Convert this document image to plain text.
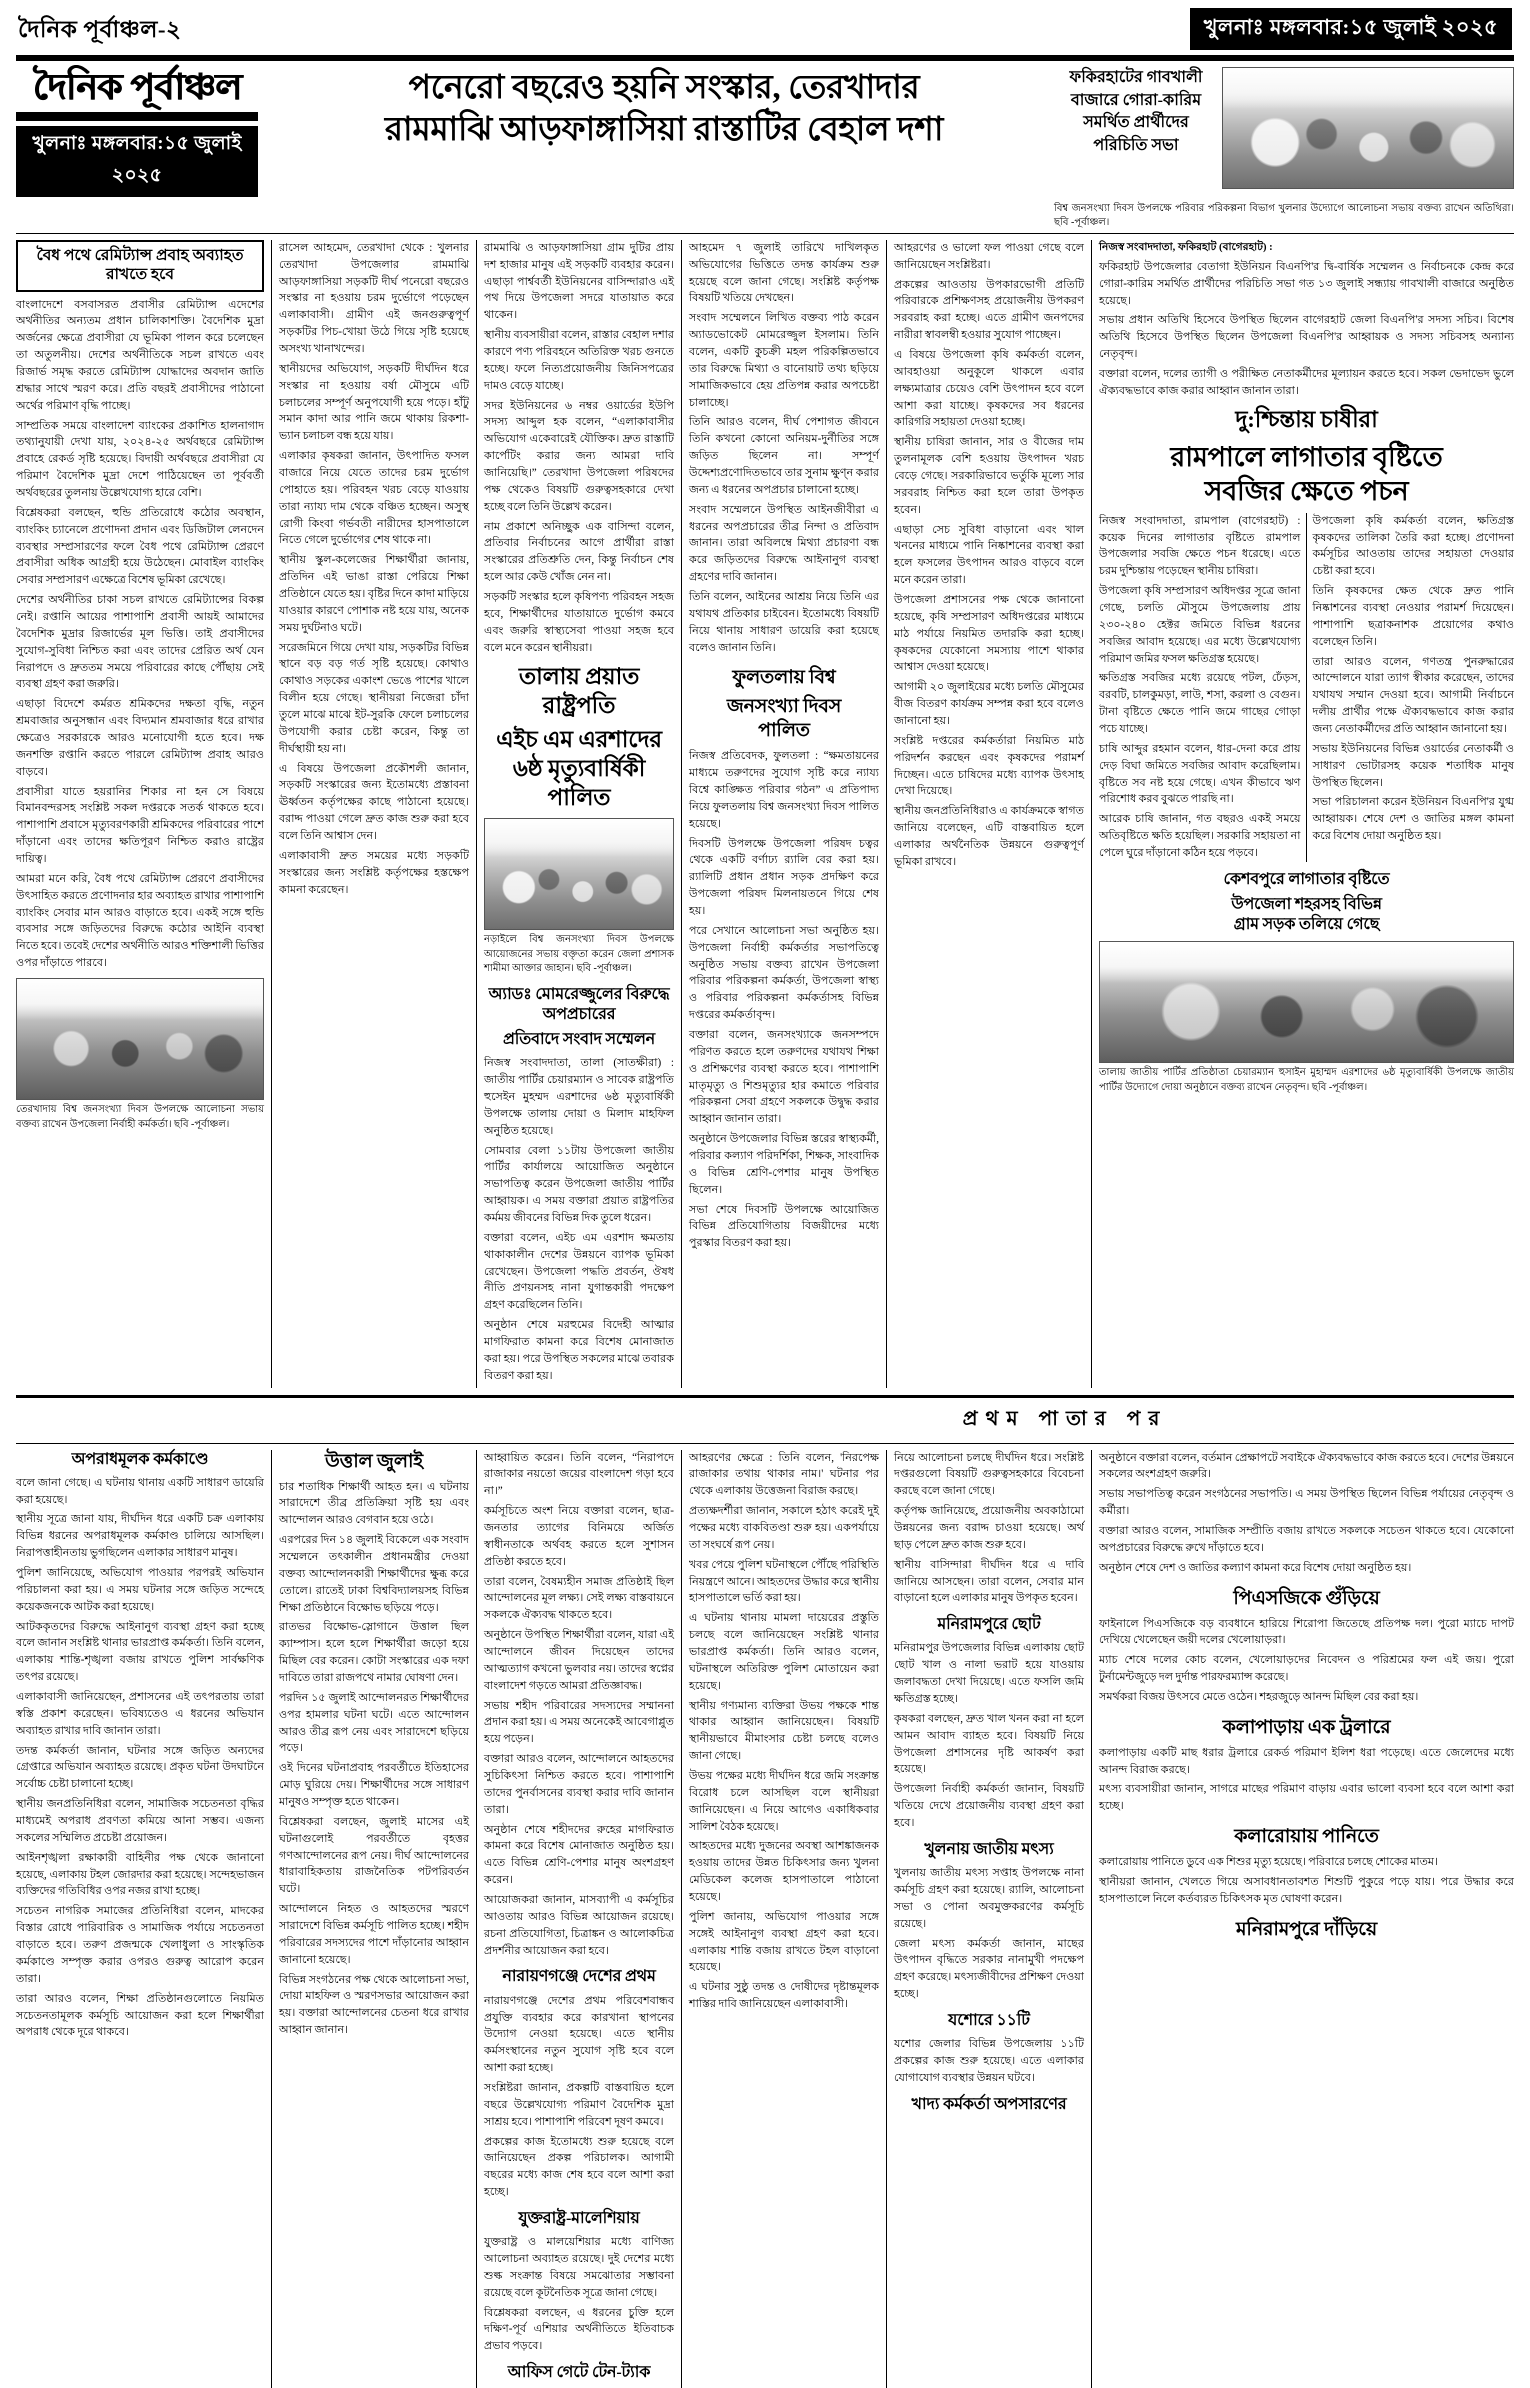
দৈনিক পূর্বাঞ্চল-২	খুলনাঃ মঙ্গলবার:১৫ জুলাই ২০২৫
দৈনিক পূর্বাঞ্চল
খুলনাঃ মঙ্গলবার:১৫ জুলাই ২০২৫
পনেরো বছরেও হয়নি সংস্কার, তেরখাদার
রামমাঝি আড়ফাঙ্গাসিয়া রাস্তাটির বেহাল দশা
ফকিরহাটের গাবখালী বাজারে গোরা-কারিম সমর্থিত প্রার্থীদের পরিচিতি সভা
বিশ্ব জনসংখ্যা দিবস উপলক্ষে পরিবার পরিকল্পনা বিভাগ খুলনার উদ্যোগে আলোচনা সভায় বক্তব্য রাখেন অতিথিরা। ছবি -পূর্বাঞ্চল।
বৈধ পথে রেমিট্যান্স প্রবাহ অব্যাহত রাখতে হবে

বাংলাদেশে বসবাসরত প্রবাসীর রেমিট্যান্স এদেশের অর্থনীতির অন্যতম প্রধান চালিকাশক্তি। বৈদেশিক মুদ্রা অর্জনের ক্ষেত্রে প্রবাসীরা যে ভূমিকা পালন করে চলেছেন তা অতুলনীয়। দেশের অর্থনীতিকে সচল রাখতে এবং রিজার্ভ সমৃদ্ধ করতে রেমিট্যান্স যোদ্ধাদের অবদান জাতি শ্রদ্ধার সাথে স্মরণ করে। প্রতি বছরই প্রবাসীদের পাঠানো অর্থের পরিমাণ বৃদ্ধি পাচ্ছে।

সাম্প্রতিক সময়ে বাংলাদেশ ব্যাংকের প্রকাশিত হালনাগাদ তথ্যানুযায়ী দেখা যায়, ২০২৪-২৫ অর্থবছরে রেমিট্যান্স প্রবাহে রেকর্ড সৃষ্টি হয়েছে। বিদায়ী অর্থবছরে প্রবাসীরা যে পরিমাণ বৈদেশিক মুদ্রা দেশে পাঠিয়েছেন তা পূর্ববর্তী অর্থবছরের তুলনায় উল্লেখযোগ্য হারে বেশি।

বিশ্লেষকরা বলছেন, হুন্ডি প্রতিরোধে কঠোর অবস্থান, ব্যাংকিং চ্যানেলে প্রণোদনা প্রদান এবং ডিজিটাল লেনদেন ব্যবস্থার সম্প্রসারণের ফলে বৈধ পথে রেমিট্যান্স প্রেরণে প্রবাসীরা অধিক আগ্রহী হয়ে উঠেছেন। মোবাইল ব্যাংকিং সেবার সম্প্রসারণ এক্ষেত্রে বিশেষ ভূমিকা রেখেছে।

দেশের অর্থনীতির চাকা সচল রাখতে রেমিট্যান্সের বিকল্প নেই। রপ্তানি আয়ের পাশাপাশি প্রবাসী আয়ই আমাদের বৈদেশিক মুদ্রার রিজার্ভের মূল ভিত্তি। তাই প্রবাসীদের সুযোগ-সুবিধা নিশ্চিত করা এবং তাদের প্রেরিত অর্থ যেন নিরাপদে ও দ্রুততম সময়ে পরিবারের কাছে পৌঁছায় সেই ব্যবস্থা গ্রহণ করা জরুরি।

এছাড়া বিদেশে কর্মরত শ্রমিকদের দক্ষতা বৃদ্ধি, নতুন শ্রমবাজার অনুসন্ধান এবং বিদ্যমান শ্রমবাজার ধরে রাখার ক্ষেত্রেও সরকারকে আরও মনোযোগী হতে হবে। দক্ষ জনশক্তি রপ্তানি করতে পারলে রেমিট্যান্স প্রবাহ আরও বাড়বে।

প্রবাসীরা যাতে হয়রানির শিকার না হন সে বিষয়ে বিমানবন্দরসহ সংশ্লিষ্ট সকল দপ্তরকে সতর্ক থাকতে হবে। পাশাপাশি প্রবাসে মৃত্যুবরণকারী শ্রমিকদের পরিবারের পাশে দাঁড়ানো এবং তাদের ক্ষতিপূরণ নিশ্চিত করাও রাষ্ট্রের দায়িত্ব।

আমরা মনে করি, বৈধ পথে রেমিট্যান্স প্রেরণে প্রবাসীদের উৎসাহিত করতে প্রণোদনার হার অব্যাহত রাখার পাশাপাশি ব্যাংকিং সেবার মান আরও বাড়াতে হবে। একই সঙ্গে হুন্ডি ব্যবসার সঙ্গে জড়িতদের বিরুদ্ধে কঠোর আইনি ব্যবস্থা নিতে হবে। তবেই দেশের অর্থনীতি আরও শক্তিশালী ভিত্তির ওপর দাঁড়াতে পারবে।

তেরখাদায় বিশ্ব জনসংখ্যা দিবস উপলক্ষে আলোচনা সভায় বক্তব্য রাখেন উপজেলা নির্বাহী কর্মকর্তা। ছবি -পূর্বাঞ্চল।

রাসেল আহমেদ, তেরখাদা থেকে : খুলনার তেরখাদা উপজেলার রামমাঝি আড়ফাঙ্গাসিয়া সড়কটি দীর্ঘ পনেরো বছরেও সংস্কার না হওয়ায় চরম দুর্ভোগে পড়েছেন এলাকাবাসী। গ্রামীণ এই জনগুরুত্বপূর্ণ সড়কটির পিচ-খোয়া উঠে গিয়ে সৃষ্টি হয়েছে অসংখ্য খানাখন্দের।

স্থানীয়দের অভিযোগ, সড়কটি দীর্ঘদিন ধরে সংস্কার না হওয়ায় বর্ষা মৌসুমে এটি চলাচলের সম্পূর্ণ অনুপযোগী হয়ে পড়ে। হাঁটু সমান কাদা আর পানি জমে থাকায় রিকশা-ভ্যান চলাচল বন্ধ হয়ে যায়।

এলাকার কৃষকরা জানান, উৎপাদিত ফসল বাজারে নিয়ে যেতে তাদের চরম দুর্ভোগ পোহাতে হয়। পরিবহন খরচ বেড়ে যাওয়ায় তারা ন্যায্য দাম থেকে বঞ্চিত হচ্ছেন। অসুস্থ রোগী কিংবা গর্ভবতী নারীদের হাসপাতালে নিতে গেলে দুর্ভোগের শেষ থাকে না।

স্থানীয় স্কুল-কলেজের শিক্ষার্থীরা জানায়, প্রতিদিন এই ভাঙা রাস্তা পেরিয়ে শিক্ষা প্রতিষ্ঠানে যেতে হয়। বৃষ্টির দিনে কাদা মাড়িয়ে যাওয়ার কারণে পোশাক নষ্ট হয়ে যায়, অনেক সময় দুর্ঘটনাও ঘটে।

সরেজমিনে গিয়ে দেখা যায়, সড়কটির বিভিন্ন স্থানে বড় বড় গর্ত সৃষ্টি হয়েছে। কোথাও কোথাও সড়কের একাংশ ভেঙে পাশের খালে বিলীন হয়ে গেছে। স্থানীয়রা নিজেরা চাঁদা তুলে মাঝে মাঝে ইট-সুরকি ফেলে চলাচলের উপযোগী করার চেষ্টা করেন, কিন্তু তা দীর্ঘস্থায়ী হয় না।

এ বিষয়ে উপজেলা প্রকৌশলী জানান, সড়কটি সংস্কারের জন্য ইতোমধ্যে প্রস্তাবনা ঊর্ধ্বতন কর্তৃপক্ষের কাছে পাঠানো হয়েছে। বরাদ্দ পাওয়া গেলে দ্রুত কাজ শুরু করা হবে বলে তিনি আশ্বাস দেন।

এলাকাবাসী দ্রুত সময়ের মধ্যে সড়কটি সংস্কারের জন্য সংশ্লিষ্ট কর্তৃপক্ষের হস্তক্ষেপ কামনা করেছেন।

রামমাঝি ও আড়ফাঙ্গাসিয়া গ্রাম দুটির প্রায় দশ হাজার মানুষ এই সড়কটি ব্যবহার করেন। এছাড়া পার্শ্ববর্তী ইউনিয়নের বাসিন্দারাও এই পথ দিয়ে উপজেলা সদরে যাতায়াত করে থাকেন।

স্থানীয় ব্যবসায়ীরা বলেন, রাস্তার বেহাল দশার কারণে পণ্য পরিবহনে অতিরিক্ত খরচ গুনতে হচ্ছে। ফলে নিত্যপ্রয়োজনীয় জিনিসপত্রের দামও বেড়ে যাচ্ছে।

সদর ইউনিয়নের ৬ নম্বর ওয়ার্ডের ইউপি সদস্য আব্দুল হক বলেন, “এলাকাবাসীর অভিযোগ একেবারেই যৌক্তিক। দ্রুত রাস্তাটি কার্পেটিং করার জন্য আমরা দাবি জানিয়েছি।” তেরখাদা উপজেলা পরিষদের পক্ষ থেকেও বিষয়টি গুরুত্বসহকারে দেখা হচ্ছে বলে তিনি উল্লেখ করেন।

নাম প্রকাশে অনিচ্ছুক এক বাসিন্দা বলেন, প্রতিবার নির্বাচনের আগে প্রার্থীরা রাস্তা সংস্কারের প্রতিশ্রুতি দেন, কিন্তু নির্বাচন শেষ হলে আর কেউ খোঁজ নেন না।

সড়কটি সংস্কার হলে কৃষিপণ্য পরিবহন সহজ হবে, শিক্ষার্থীদের যাতায়াতে দুর্ভোগ কমবে এবং জরুরি স্বাস্থ্যসেবা পাওয়া সহজ হবে বলে মনে করেন স্থানীয়রা।

তালায় প্রয়াত রাষ্ট্রপতি
এইচ এম এরশাদের
৬ষ্ঠ মৃত্যুবার্ষিকী পালিত
নড়াইলে বিশ্ব জনসংখ্যা দিবস উপলক্ষে আয়োজনের সভায় বক্তৃতা করেন জেলা প্রশাসক শামীমা আক্তার জাহান। ছবি -পূর্বাঞ্চল।
অ্যাডঃ মোমরেজ্জুলের বিরুদ্ধে অপপ্রচারের
প্রতিবাদে সংবাদ সম্মেলন

নিজস্ব সংবাদদাতা, তালা (সাতক্ষীরা) : জাতীয় পার্টির চেয়ারম্যান ও সাবেক রাষ্ট্রপতি হুসেইন মুহম্মদ এরশাদের ৬ষ্ঠ মৃত্যুবার্ষিকী উপলক্ষে তালায় দোয়া ও মিলাদ মাহফিল অনুষ্ঠিত হয়েছে।

সোমবার বেলা ১১টায় উপজেলা জাতীয় পার্টির কার্যালয়ে আয়োজিত অনুষ্ঠানে সভাপতিত্ব করেন উপজেলা জাতীয় পার্টির আহ্বায়ক। এ সময় বক্তারা প্রয়াত রাষ্ট্রপতির কর্মময় জীবনের বিভিন্ন দিক তুলে ধরেন।

বক্তারা বলেন, এইচ এম এরশাদ ক্ষমতায় থাকাকালীন দেশের উন্নয়নে ব্যাপক ভূমিকা রেখেছেন। উপজেলা পদ্ধতি প্রবর্তন, ঔষধ নীতি প্রণয়নসহ নানা যুগান্তকারী পদক্ষেপ গ্রহণ করেছিলেন তিনি।

অনুষ্ঠান শেষে মরহুমের বিদেহী আত্মার মাগফিরাত কামনা করে বিশেষ মোনাজাত করা হয়। পরে উপস্থিত সকলের মাঝে তবারক বিতরণ করা হয়।

আহমেদ ৭ জুলাই তারিখে দাখিলকৃত অভিযোগের ভিত্তিতে তদন্ত কার্যক্রম শুরু হয়েছে বলে জানা গেছে। সংশ্লিষ্ট কর্তৃপক্ষ বিষয়টি খতিয়ে দেখছেন।

সংবাদ সম্মেলনে লিখিত বক্তব্য পাঠ করেন অ্যাডভোকেট মোমরেজ্জুল ইসলাম। তিনি বলেন, একটি কুচক্রী মহল পরিকল্পিতভাবে তার বিরুদ্ধে মিথ্যা ও বানোয়াট তথ্য ছড়িয়ে সামাজিকভাবে হেয় প্রতিপন্ন করার অপচেষ্টা চালাচ্ছে।

তিনি আরও বলেন, দীর্ঘ পেশাগত জীবনে তিনি কখনো কোনো অনিয়ম-দুর্নীতির সঙ্গে জড়িত ছিলেন না। সম্পূর্ণ উদ্দেশ্যপ্রণোদিতভাবে তার সুনাম ক্ষুণ্ন করার জন্য এ ধরনের অপপ্রচার চালানো হচ্ছে।

সংবাদ সম্মেলনে উপস্থিত আইনজীবীরা এ ধরনের অপপ্রচারের তীব্র নিন্দা ও প্রতিবাদ জানান। তারা অবিলম্বে মিথ্যা প্রচারণা বন্ধ করে জড়িতদের বিরুদ্ধে আইনানুগ ব্যবস্থা গ্রহণের দাবি জানান।

তিনি বলেন, আইনের আশ্রয় নিয়ে তিনি এর যথাযথ প্রতিকার চাইবেন। ইতোমধ্যে বিষয়টি নিয়ে থানায় সাধারণ ডায়েরি করা হয়েছে বলেও জানান তিনি।

ফুলতলায় বিশ্ব
জনসংখ্যা দিবস
পালিত

নিজস্ব প্রতিবেদক, ফুলতলা : “ক্ষমতায়নের মাধ্যমে তরুণদের সুযোগ সৃষ্টি করে ন্যায্য বিশ্বে কাঙ্ক্ষিত পরিবার গঠন” এ প্রতিপাদ্য নিয়ে ফুলতলায় বিশ্ব জনসংখ্যা দিবস পালিত হয়েছে।

দিবসটি উপলক্ষে উপজেলা পরিষদ চত্বর থেকে একটি বর্ণাঢ্য র‌্যালি বের করা হয়। র‌্যালিটি প্রধান প্রধান সড়ক প্রদক্ষিণ করে উপজেলা পরিষদ মিলনায়তনে গিয়ে শেষ হয়।

পরে সেখানে আলোচনা সভা অনুষ্ঠিত হয়। উপজেলা নির্বাহী কর্মকর্তার সভাপতিত্বে অনুষ্ঠিত সভায় বক্তব্য রাখেন উপজেলা পরিবার পরিকল্পনা কর্মকর্তা, উপজেলা স্বাস্থ্য ও পরিবার পরিকল্পনা কর্মকর্তাসহ বিভিন্ন দপ্তরের কর্মকর্তাবৃন্দ।

বক্তারা বলেন, জনসংখ্যাকে জনসম্পদে পরিণত করতে হলে তরুণদের যথাযথ শিক্ষা ও প্রশিক্ষণের ব্যবস্থা করতে হবে। পাশাপাশি মাতৃমৃত্যু ও শিশুমৃত্যুর হার কমাতে পরিবার পরিকল্পনা সেবা গ্রহণে সকলকে উদ্বুদ্ধ করার আহ্বান জানান তারা।

অনুষ্ঠানে উপজেলার বিভিন্ন স্তরের স্বাস্থ্যকর্মী, পরিবার কল্যাণ পরিদর্শিকা, শিক্ষক, সাংবাদিক ও বিভিন্ন শ্রেণি-পেশার মানুষ উপস্থিত ছিলেন।

সভা শেষে দিবসটি উপলক্ষে আয়োজিত বিভিন্ন প্রতিযোগিতায় বিজয়ীদের মধ্যে পুরস্কার বিতরণ করা হয়।

আহরণের ও ভালো ফল পাওয়া গেছে বলে জানিয়েছেন সংশ্লিষ্টরা।

প্রকল্পের আওতায় উপকারভোগী প্রতিটি পরিবারকে প্রশিক্ষণসহ প্রয়োজনীয় উপকরণ সরবরাহ করা হচ্ছে। এতে গ্রামীণ জনপদের নারীরা স্বাবলম্বী হওয়ার সুযোগ পাচ্ছেন।

এ বিষয়ে উপজেলা কৃষি কর্মকর্তা বলেন, আবহাওয়া অনুকূলে থাকলে এবার লক্ষ্যমাত্রার চেয়েও বেশি উৎপাদন হবে বলে আশা করা যাচ্ছে। কৃষকদের সব ধরনের কারিগরি সহায়তা দেওয়া হচ্ছে।

স্থানীয় চাষিরা জানান, সার ও বীজের দাম তুলনামূলক বেশি হওয়ায় উৎপাদন খরচ বেড়ে গেছে। সরকারিভাবে ভর্তুকি মূল্যে সার সরবরাহ নিশ্চিত করা হলে তারা উপকৃত হবেন।

এছাড়া সেচ সুবিধা বাড়ানো এবং খাল খননের মাধ্যমে পানি নিষ্কাশনের ব্যবস্থা করা হলে ফসলের উৎপাদন আরও বাড়বে বলে মনে করেন তারা।

উপজেলা প্রশাসনের পক্ষ থেকে জানানো হয়েছে, কৃষি সম্প্রসারণ অধিদপ্তরের মাধ্যমে মাঠ পর্যায়ে নিয়মিত তদারকি করা হচ্ছে। কৃষকদের যেকোনো সমস্যায় পাশে থাকার আশ্বাস দেওয়া হয়েছে।

আগামী ২০ জুলাইয়ের মধ্যে চলতি মৌসুমের বীজ বিতরণ কার্যক্রম সম্পন্ন করা হবে বলেও জানানো হয়।

সংশ্লিষ্ট দপ্তরের কর্মকর্তারা নিয়মিত মাঠ পরিদর্শন করছেন এবং কৃষকদের পরামর্শ দিচ্ছেন। এতে চাষিদের মধ্যে ব্যাপক উৎসাহ দেখা দিয়েছে।

স্থানীয় জনপ্রতিনিধিরাও এ কার্যক্রমকে স্বাগত জানিয়ে বলেছেন, এটি বাস্তবায়িত হলে এলাকার অর্থনৈতিক উন্নয়নে গুরুত্বপূর্ণ ভূমিকা রাখবে।

নিজস্ব সংবাদদাতা, ফকিরহাট (বাগেরহাট) :

ফকিরহাট উপজেলার বেতাগা ইউনিয়ন বিএনপি'র দ্বি-বার্ষিক সম্মেলন ও নির্বাচনকে কেন্দ্র করে গোরা-কারিম সমর্থিত প্রার্থীদের পরিচিতি সভা গত ১৩ জুলাই সন্ধ্যায় গাবখালী বাজারে অনুষ্ঠিত হয়েছে।

সভায় প্রধান অতিথি হিসেবে উপস্থিত ছিলেন বাগেরহাট জেলা বিএনপি'র সদস্য সচিব। বিশেষ অতিথি হিসেবে উপস্থিত ছিলেন উপজেলা বিএনপি'র আহ্বায়ক ও সদস্য সচিবসহ অন্যান্য নেতৃবৃন্দ।

বক্তারা বলেন, দলের ত্যাগী ও পরীক্ষিত নেতাকর্মীদের মূল্যায়ন করতে হবে। সকল ভেদাভেদ ভুলে ঐক্যবদ্ধভাবে কাজ করার আহ্বান জানান তারা।

দু:শ্চিন্তায় চাষীরা
রামপালে লাগাতার বৃষ্টিতে
সবজির ক্ষেতে পচন

নিজস্ব সংবাদদাতা, রামপাল (বাগেরহাট) : কয়েক দিনের লাগাতার বৃষ্টিতে রামপাল উপজেলার সবজি ক্ষেতে পচন ধরেছে। এতে চরম দুশ্চিন্তায় পড়েছেন স্থানীয় চাষিরা।

উপজেলা কৃষি সম্প্রসারণ অধিদপ্তর সূত্রে জানা গেছে, চলতি মৌসুমে উপজেলায় প্রায় ২৩০-২৪০ হেক্টর জমিতে বিভিন্ন ধরনের সবজির আবাদ হয়েছে। এর মধ্যে উল্লেখযোগ্য পরিমাণ জমির ফসল ক্ষতিগ্রস্ত হয়েছে।

ক্ষতিগ্রস্ত সবজির মধ্যে রয়েছে পটল, ঢেঁড়স, বরবটি, চালকুমড়া, লাউ, শসা, করলা ও বেগুন। টানা বৃষ্টিতে ক্ষেতে পানি জমে গাছের গোড়া পচে যাচ্ছে।

চাষি আব্দুর রহমান বলেন, ধার-দেনা করে প্রায় দেড় বিঘা জমিতে সবজির আবাদ করেছিলাম। বৃষ্টিতে সব নষ্ট হয়ে গেছে। এখন কীভাবে ঋণ পরিশোধ করব বুঝতে পারছি না।

আরেক চাষি জানান, গত বছরও একই সময়ে অতিবৃষ্টিতে ক্ষতি হয়েছিল। সরকারি সহায়তা না পেলে ঘুরে দাঁড়ানো কঠিন হয়ে পড়বে।

উপজেলা কৃষি কর্মকর্তা বলেন, ক্ষতিগ্রস্ত কৃষকদের তালিকা তৈরি করা হচ্ছে। প্রণোদনা কর্মসূচির আওতায় তাদের সহায়তা দেওয়ার চেষ্টা করা হবে।

তিনি কৃষকদের ক্ষেত থেকে দ্রুত পানি নিষ্কাশনের ব্যবস্থা নেওয়ার পরামর্শ দিয়েছেন। পাশাপাশি ছত্রাকনাশক প্রয়োগের কথাও বলেছেন তিনি।

তারা আরও বলেন, গণতন্ত্র পুনরুদ্ধারের আন্দোলনে যারা ত্যাগ স্বীকার করেছেন, তাদের যথাযথ সম্মান দেওয়া হবে। আগামী নির্বাচনে দলীয় প্রার্থীর পক্ষে ঐক্যবদ্ধভাবে কাজ করার জন্য নেতাকর্মীদের প্রতি আহ্বান জানানো হয়।

সভায় ইউনিয়নের বিভিন্ন ওয়ার্ডের নেতাকর্মী ও সাধারণ ভোটারসহ কয়েক শতাধিক মানুষ উপস্থিত ছিলেন।

সভা পরিচালনা করেন ইউনিয়ন বিএনপি'র যুগ্ম আহ্বায়ক। শেষে দেশ ও জাতির মঙ্গল কামনা করে বিশেষ দোয়া অনুষ্ঠিত হয়।

কেশবপুরে লাগাতার বৃষ্টিতে
উপজেলা শহরসহ বিভিন্ন
গ্রাম সড়ক তলিয়ে গেছে
তালায় জাতীয় পার্টির প্রতিষ্ঠাতা চেয়ারম্যান হুসাইন মুহাম্মদ এরশাদের ৬ষ্ঠ মৃত্যুবার্ষিকী উপলক্ষে জাতীয় পার্টির উদ্যোগে দোয়া অনুষ্ঠানে বক্তব্য রাখেন নেতৃবৃন্দ। ছবি -পূর্বাঞ্চল।
প্রথম পাতার পর
অপরাধমূলক কর্মকাণ্ডে

বলে জানা গেছে। এ ঘটনায় থানায় একটি সাধারণ ডায়েরি করা হয়েছে।

স্থানীয় সূত্রে জানা যায়, দীর্ঘদিন ধরে একটি চক্র এলাকায় বিভিন্ন ধরনের অপরাধমূলক কর্মকাণ্ড চালিয়ে আসছিল। নিরাপত্তাহীনতায় ভুগছিলেন এলাকার সাধারণ মানুষ।

পুলিশ জানিয়েছে, অভিযোগ পাওয়ার পরপরই অভিযান পরিচালনা করা হয়। এ সময় ঘটনার সঙ্গে জড়িত সন্দেহে কয়েকজনকে আটক করা হয়েছে।

আটককৃতদের বিরুদ্ধে আইনানুগ ব্যবস্থা গ্রহণ করা হচ্ছে বলে জানান সংশ্লিষ্ট থানার ভারপ্রাপ্ত কর্মকর্তা। তিনি বলেন, এলাকায় শান্তি-শৃঙ্খলা বজায় রাখতে পুলিশ সার্বক্ষণিক তৎপর রয়েছে।

এলাকাবাসী জানিয়েছেন, প্রশাসনের এই তৎপরতায় তারা স্বস্তি প্রকাশ করেছেন। ভবিষ্যতেও এ ধরনের অভিযান অব্যাহত রাখার দাবি জানান তারা।

তদন্ত কর্মকর্তা জানান, ঘটনার সঙ্গে জড়িত অন্যদের গ্রেপ্তারে অভিযান অব্যাহত রয়েছে। প্রকৃত ঘটনা উদঘাটনে সর্বোচ্চ চেষ্টা চালানো হচ্ছে।

স্থানীয় জনপ্রতিনিধিরা বলেন, সামাজিক সচেতনতা বৃদ্ধির মাধ্যমেই অপরাধ প্রবণতা কমিয়ে আনা সম্ভব। এজন্য সকলের সম্মিলিত প্রচেষ্টা প্রয়োজন।

আইনশৃঙ্খলা রক্ষাকারী বাহিনীর পক্ষ থেকে জানানো হয়েছে, এলাকায় টহল জোরদার করা হয়েছে। সন্দেহভাজন ব্যক্তিদের গতিবিধির ওপর নজর রাখা হচ্ছে।

সচেতন নাগরিক সমাজের প্রতিনিধিরা বলেন, মাদকের বিস্তার রোধে পারিবারিক ও সামাজিক পর্যায়ে সচেতনতা বাড়াতে হবে। তরুণ প্রজন্মকে খেলাধুলা ও সাংস্কৃতিক কর্মকাণ্ডে সম্পৃক্ত করার ওপরও গুরুত্ব আরোপ করেন তারা।

তারা আরও বলেন, শিক্ষা প্রতিষ্ঠানগুলোতে নিয়মিত সচেতনতামূলক কর্মসূচি আয়োজন করা হলে শিক্ষার্থীরা অপরাধ থেকে দূরে থাকবে।

উত্তাল জুলাই

চার শতাধিক শিক্ষার্থী আহত হন। এ ঘটনায় সারাদেশে তীব্র প্রতিক্রিয়া সৃষ্টি হয় এবং আন্দোলন আরও বেগবান হয়ে ওঠে।

এরপরের দিন ১৪ জুলাই বিকেলে এক সংবাদ সম্মেলনে তৎকালীন প্রধানমন্ত্রীর দেওয়া বক্তব্য আন্দোলনকারী শিক্ষার্থীদের ক্ষুব্ধ করে তোলে। রাতেই ঢাকা বিশ্ববিদ্যালয়সহ বিভিন্ন শিক্ষা প্রতিষ্ঠানে বিক্ষোভ ছড়িয়ে পড়ে।

রাতভর বিক্ষোভ-স্লোগানে উত্তাল ছিল ক্যাম্পাস। হলে হলে শিক্ষার্থীরা জড়ো হয়ে মিছিল বের করেন। কোটা সংস্কারের এক দফা দাবিতে তারা রাজপথে নামার ঘোষণা দেন।

পরদিন ১৫ জুলাই আন্দোলনরত শিক্ষার্থীদের ওপর হামলার ঘটনা ঘটে। এতে আন্দোলন আরও তীব্র রূপ নেয় এবং সারাদেশে ছড়িয়ে পড়ে।

ওই দিনের ঘটনাপ্রবাহ পরবর্তীতে ইতিহাসের মোড় ঘুরিয়ে দেয়। শিক্ষার্থীদের সঙ্গে সাধারণ মানুষও সম্পৃক্ত হতে থাকেন।

বিশ্লেষকরা বলছেন, জুলাই মাসের এই ঘটনাগুলোই পরবর্তীতে বৃহত্তর গণআন্দোলনের রূপ নেয়। দীর্ঘ আন্দোলনের ধারাবাহিকতায় রাজনৈতিক পটপরিবর্তন ঘটে।

আন্দোলনে নিহত ও আহতদের স্মরণে সারাদেশে বিভিন্ন কর্মসূচি পালিত হচ্ছে। শহীদ পরিবারের সদস্যদের পাশে দাঁড়ানোর আহ্বান জানানো হয়েছে।

বিভিন্ন সংগঠনের পক্ষ থেকে আলোচনা সভা, দোয়া মাহফিল ও স্মরণসভার আয়োজন করা হয়। বক্তারা আন্দোলনের চেতনা ধরে রাখার আহ্বান জানান।

আহ্বায়িত করেন। তিনি বলেন, “নিরাপদে রাজাকার নয়তো জয়ের বাংলাদেশ গড়া হবে না।”

কর্মসূচিতে অংশ নিয়ে বক্তারা বলেন, ছাত্র-জনতার ত্যাগের বিনিময়ে অর্জিত স্বাধীনতাকে অর্থবহ করতে হলে সুশাসন প্রতিষ্ঠা করতে হবে।

তারা বলেন, বৈষম্যহীন সমাজ প্রতিষ্ঠাই ছিল আন্দোলনের মূল লক্ষ্য। সেই লক্ষ্য বাস্তবায়নে সকলকে ঐক্যবদ্ধ থাকতে হবে।

অনুষ্ঠানে উপস্থিত শিক্ষার্থীরা বলেন, যারা এই আন্দোলনে জীবন দিয়েছেন তাদের আত্মত্যাগ কখনো ভুলবার নয়। তাদের স্বপ্নের বাংলাদেশ গড়তে আমরা প্রতিজ্ঞাবদ্ধ।

সভায় শহীদ পরিবারের সদস্যদের সম্মাননা প্রদান করা হয়। এ সময় অনেকেই আবেগাপ্লুত হয়ে পড়েন।

বক্তারা আরও বলেন, আন্দোলনে আহতদের সুচিকিৎসা নিশ্চিত করতে হবে। পাশাপাশি তাদের পুনর্বাসনের ব্যবস্থা করার দাবি জানান তারা।

অনুষ্ঠান শেষে শহীদদের রুহের মাগফিরাত কামনা করে বিশেষ মোনাজাত অনুষ্ঠিত হয়। এতে বিভিন্ন শ্রেণি-পেশার মানুষ অংশগ্রহণ করেন।

আয়োজকরা জানান, মাসব্যাপী এ কর্মসূচির আওতায় আরও বিভিন্ন আয়োজন রয়েছে। রচনা প্রতিযোগিতা, চিত্রাঙ্কন ও আলোকচিত্র প্রদর্শনীর আয়োজন করা হবে।

নারায়ণগঞ্জে দেশের প্রথম

নারায়ণগঞ্জে দেশের প্রথম পরিবেশবান্ধব প্রযুক্তি ব্যবহার করে কারখানা স্থাপনের উদ্যোগ নেওয়া হয়েছে। এতে স্থানীয় কর্মসংস্থানের নতুন সুযোগ সৃষ্টি হবে বলে আশা করা হচ্ছে।

সংশ্লিষ্টরা জানান, প্রকল্পটি বাস্তবায়িত হলে বছরে উল্লেখযোগ্য পরিমাণ বৈদেশিক মুদ্রা সাশ্রয় হবে। পাশাপাশি পরিবেশ দূষণ কমবে।

প্রকল্পের কাজ ইতোমধ্যে শুরু হয়েছে বলে জানিয়েছেন প্রকল্প পরিচালক। আগামী বছরের মধ্যে কাজ শেষ হবে বলে আশা করা হচ্ছে।

যুক্তরাষ্ট্র-মালেশিয়ায়

যুক্তরাষ্ট্র ও মালয়েশিয়ার মধ্যে বাণিজ্য আলোচনা অব্যাহত রয়েছে। দুই দেশের মধ্যে শুল্ক সংক্রান্ত বিষয়ে সমঝোতার সম্ভাবনা রয়েছে বলে কূটনৈতিক সূত্রে জানা গেছে।

বিশ্লেষকরা বলছেন, এ ধরনের চুক্তি হলে দক্ষিণ-পূর্ব এশিয়ার অর্থনীতিতে ইতিবাচক প্রভাব পড়বে।

আফিস গেটে টেন-ট্যাক

আহরণের ক্ষেত্রে : তিনি বলেন, 'নিরপেক্ষ রাজাকার তথায় থাকার নাম।' ঘটনার পর থেকে এলাকায় উত্তেজনা বিরাজ করছে।

প্রত্যক্ষদর্শীরা জানান, সকালে হঠাৎ করেই দুই পক্ষের মধ্যে বাকবিতণ্ডা শুরু হয়। একপর্যায়ে তা সংঘর্ষে রূপ নেয়।

খবর পেয়ে পুলিশ ঘটনাস্থলে পৌঁছে পরিস্থিতি নিয়ন্ত্রণে আনে। আহতদের উদ্ধার করে স্থানীয় হাসপাতালে ভর্তি করা হয়।

এ ঘটনায় থানায় মামলা দায়েরের প্রস্তুতি চলছে বলে জানিয়েছেন সংশ্লিষ্ট থানার ভারপ্রাপ্ত কর্মকর্তা। তিনি আরও বলেন, ঘটনাস্থলে অতিরিক্ত পুলিশ মোতায়েন করা হয়েছে।

স্থানীয় গণ্যমান্য ব্যক্তিরা উভয় পক্ষকে শান্ত থাকার আহ্বান জানিয়েছেন। বিষয়টি স্থানীয়ভাবে মীমাংসার চেষ্টা চলছে বলেও জানা গেছে।

উভয় পক্ষের মধ্যে দীর্ঘদিন ধরে জমি সংক্রান্ত বিরোধ চলে আসছিল বলে স্থানীয়রা জানিয়েছেন। এ নিয়ে আগেও একাধিকবার সালিশ বৈঠক হয়েছে।

আহতদের মধ্যে দুজনের অবস্থা আশঙ্কাজনক হওয়ায় তাদের উন্নত চিকিৎসার জন্য খুলনা মেডিকেল কলেজ হাসপাতালে পাঠানো হয়েছে।

পুলিশ জানায়, অভিযোগ পাওয়ার সঙ্গে সঙ্গেই আইনানুগ ব্যবস্থা গ্রহণ করা হবে। এলাকায় শান্তি বজায় রাখতে টহল বাড়ানো হয়েছে।

এ ঘটনার সুষ্ঠু তদন্ত ও দোষীদের দৃষ্টান্তমূলক শাস্তির দাবি জানিয়েছেন এলাকাবাসী।

নিয়ে আলোচনা চলছে দীর্ঘদিন ধরে। সংশ্লিষ্ট দপ্তরগুলো বিষয়টি গুরুত্বসহকারে বিবেচনা করছে বলে জানা গেছে।

কর্তৃপক্ষ জানিয়েছে, প্রয়োজনীয় অবকাঠামো উন্নয়নের জন্য বরাদ্দ চাওয়া হয়েছে। অর্থ ছাড় পেলে দ্রুত কাজ শুরু হবে।

স্থানীয় বাসিন্দারা দীর্ঘদিন ধরে এ দাবি জানিয়ে আসছেন। তারা বলেন, সেবার মান বাড়ানো হলে এলাকার মানুষ উপকৃত হবেন।

মনিরামপুরে ছোট

মনিরামপুর উপজেলার বিভিন্ন এলাকায় ছোট ছোট খাল ও নালা ভরাট হয়ে যাওয়ায় জলাবদ্ধতা দেখা দিয়েছে। এতে ফসলি জমি ক্ষতিগ্রস্ত হচ্ছে।

কৃষকরা বলছেন, দ্রুত খাল খনন করা না হলে আমন আবাদ ব্যাহত হবে। বিষয়টি নিয়ে উপজেলা প্রশাসনের দৃষ্টি আকর্ষণ করা হয়েছে।

উপজেলা নির্বাহী কর্মকর্তা জানান, বিষয়টি খতিয়ে দেখে প্রয়োজনীয় ব্যবস্থা গ্রহণ করা হবে।

খুলনায় জাতীয় মৎস্য

খুলনায় জাতীয় মৎস্য সপ্তাহ উপলক্ষে নানা কর্মসূচি গ্রহণ করা হয়েছে। র‌্যালি, আলোচনা সভা ও পোনা অবমুক্তকরণের কর্মসূচি রয়েছে।

জেলা মৎস্য কর্মকর্তা জানান, মাছের উৎপাদন বৃদ্ধিতে সরকার নানামুখী পদক্ষেপ গ্রহণ করেছে। মৎস্যজীবীদের প্রশিক্ষণ দেওয়া হচ্ছে।

যশোরে ১১টি

যশোর জেলার বিভিন্ন উপজেলায় ১১টি প্রকল্পের কাজ শুরু হয়েছে। এতে এলাকার যোগাযোগ ব্যবস্থার উন্নয়ন ঘটবে।

খাদ্য কর্মকর্তা অপসারণের

অনুষ্ঠানে বক্তারা বলেন, বর্তমান প্রেক্ষাপটে সবাইকে ঐক্যবদ্ধভাবে কাজ করতে হবে। দেশের উন্নয়নে সকলের অংশগ্রহণ জরুরি।

সভায় সভাপতিত্ব করেন সংগঠনের সভাপতি। এ সময় উপস্থিত ছিলেন বিভিন্ন পর্যায়ের নেতৃবৃন্দ ও কর্মীরা।

বক্তারা আরও বলেন, সামাজিক সম্প্রীতি বজায় রাখতে সকলকে সচেতন থাকতে হবে। যেকোনো অপপ্রচারের বিরুদ্ধে রুখে দাঁড়াতে হবে।

অনুষ্ঠান শেষে দেশ ও জাতির কল্যাণ কামনা করে বিশেষ দোয়া অনুষ্ঠিত হয়।

পিএসজিকে গুঁড়িয়ে

ফাইনালে পিএসজিকে বড় ব্যবধানে হারিয়ে শিরোপা জিতেছে প্রতিপক্ষ দল। পুরো ম্যাচে দাপট দেখিয়ে খেলেছেন জয়ী দলের খেলোয়াড়রা।

ম্যাচ শেষে দলের কোচ বলেন, খেলোয়াড়দের নিবেদন ও পরিশ্রমের ফল এই জয়। পুরো টুর্নামেন্টজুড়ে দল দুর্দান্ত পারফরম্যান্স করেছে।

সমর্থকরা বিজয় উৎসবে মেতে ওঠেন। শহরজুড়ে আনন্দ মিছিল বের করা হয়।

কলাপাড়ায় এক ট্রলারে

কলাপাড়ায় একটি মাছ ধরার ট্রলারে রেকর্ড পরিমাণ ইলিশ ধরা পড়েছে। এতে জেলেদের মধ্যে আনন্দ বিরাজ করছে।

মৎস্য ব্যবসায়ীরা জানান, সাগরে মাছের পরিমাণ বাড়ায় এবার ভালো ব্যবসা হবে বলে আশা করা হচ্ছে।

কলারোয়ায় পানিতে

কলারোয়ায় পানিতে ডুবে এক শিশুর মৃত্যু হয়েছে। পরিবারে চলছে শোকের মাতম।

স্থানীয়রা জানান, খেলতে গিয়ে অসাবধানতাবশত শিশুটি পুকুরে পড়ে যায়। পরে উদ্ধার করে হাসপাতালে নিলে কর্তব্যরত চিকিৎসক মৃত ঘোষণা করেন।

মনিরামপুরে দাঁড়িয়ে
